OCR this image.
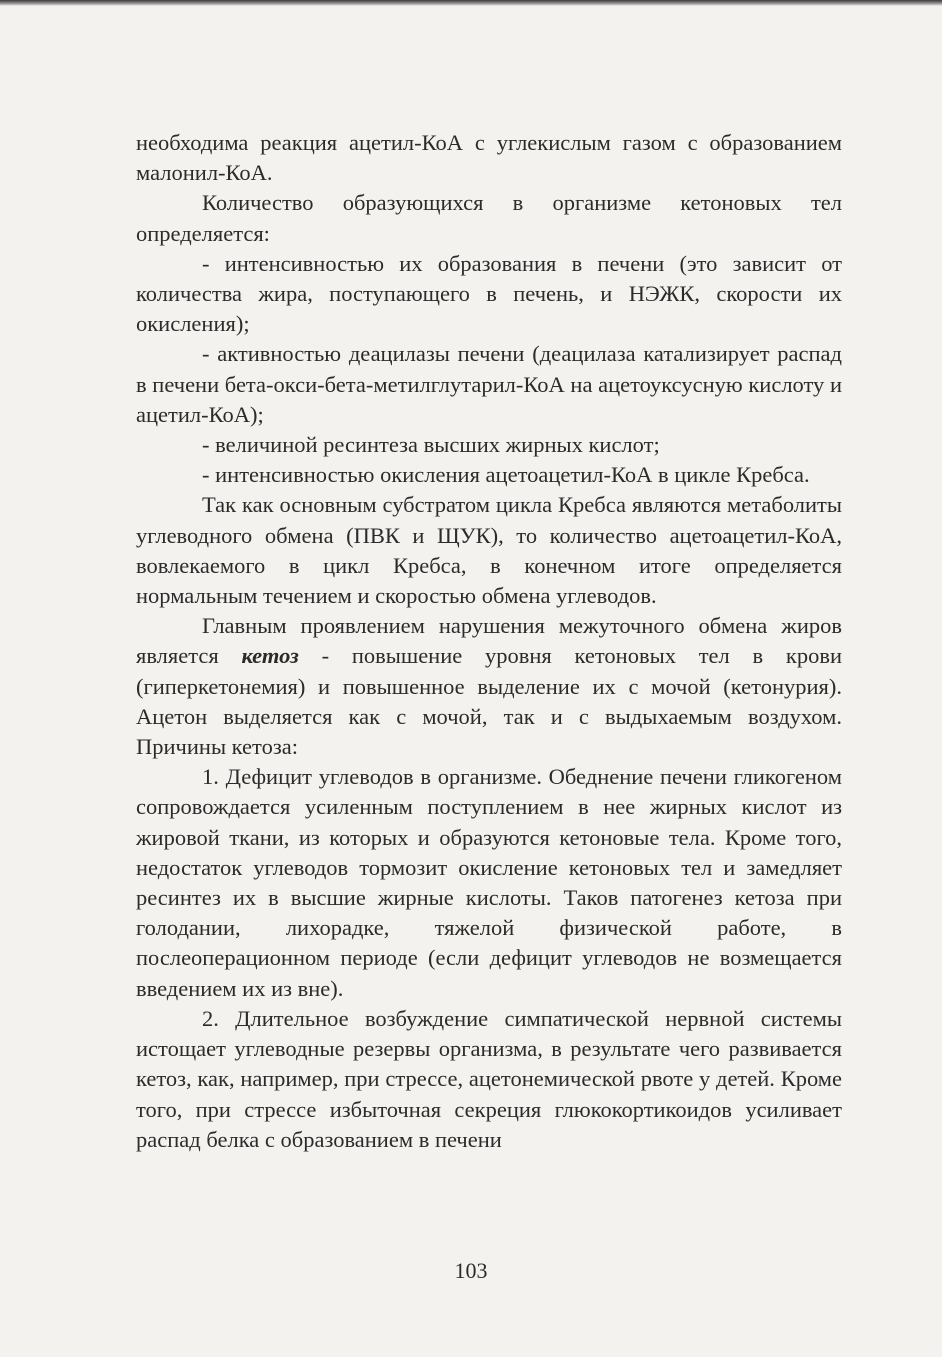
необходима реакция ацетил-КоА с углекислым газом с образованием малонил-КоА.

Количество образующихся в организме кетоновых тел определяется:

- интенсивностью их образования в печени (это зависит от количества жира, поступающего в печень, и НЭЖК, скорости их окисления);

- активностью деацилазы печени (деацилаза катализирует распад в печени бета-окси-бета-метилглутарил-КоА на ацетоуксусную кислоту и ацетил-КоА);

- величиной ресинтеза высших жирных кислот;

- интенсивностью окисления ацетоацетил-КоА в цикле Кребса.

Так как основным субстратом цикла Кребса являются метаболиты углеводного обмена (ПВК и ЩУК), то количество ацетоацетил-КоА, вовлекаемого в цикл Кребса, в конечном итоге определяется нормальным течением и скоростью обмена углеводов.

Главным проявлением нарушения межуточного обмена жиров является кетоз - повышение уровня кетоновых тел в крови (гиперкетонемия) и повышенное выделение их с мочой (кетонурия). Ацетон выделяется как с мочой, так и с выдыхаемым воздухом. Причины кетоза:

1. Дефицит углеводов в организме. Обеднение печени гликогеном сопровождается усиленным поступлением в нее жирных кислот из жировой ткани, из которых и образуются кетоновые тела. Кроме того, недостаток углеводов тормозит окисление кетоновых тел и замедляет ресинтез их в высшие жирные кислоты. Таков патогенез кетоза при голодании, лихорадке, тяжелой физической работе, в послеоперационном периоде (если дефицит углеводов не возмещается введением их из вне).

2. Длительное возбуждение симпатической нервной системы истощает углеводные резервы организма, в результате чего развивается кетоз, как, например, при стрессе, ацетонемической рвоте у детей. Кроме того, при стрессе избыточная секреция глюкокортикоидов усиливает распад белка с образованием в печени

103
